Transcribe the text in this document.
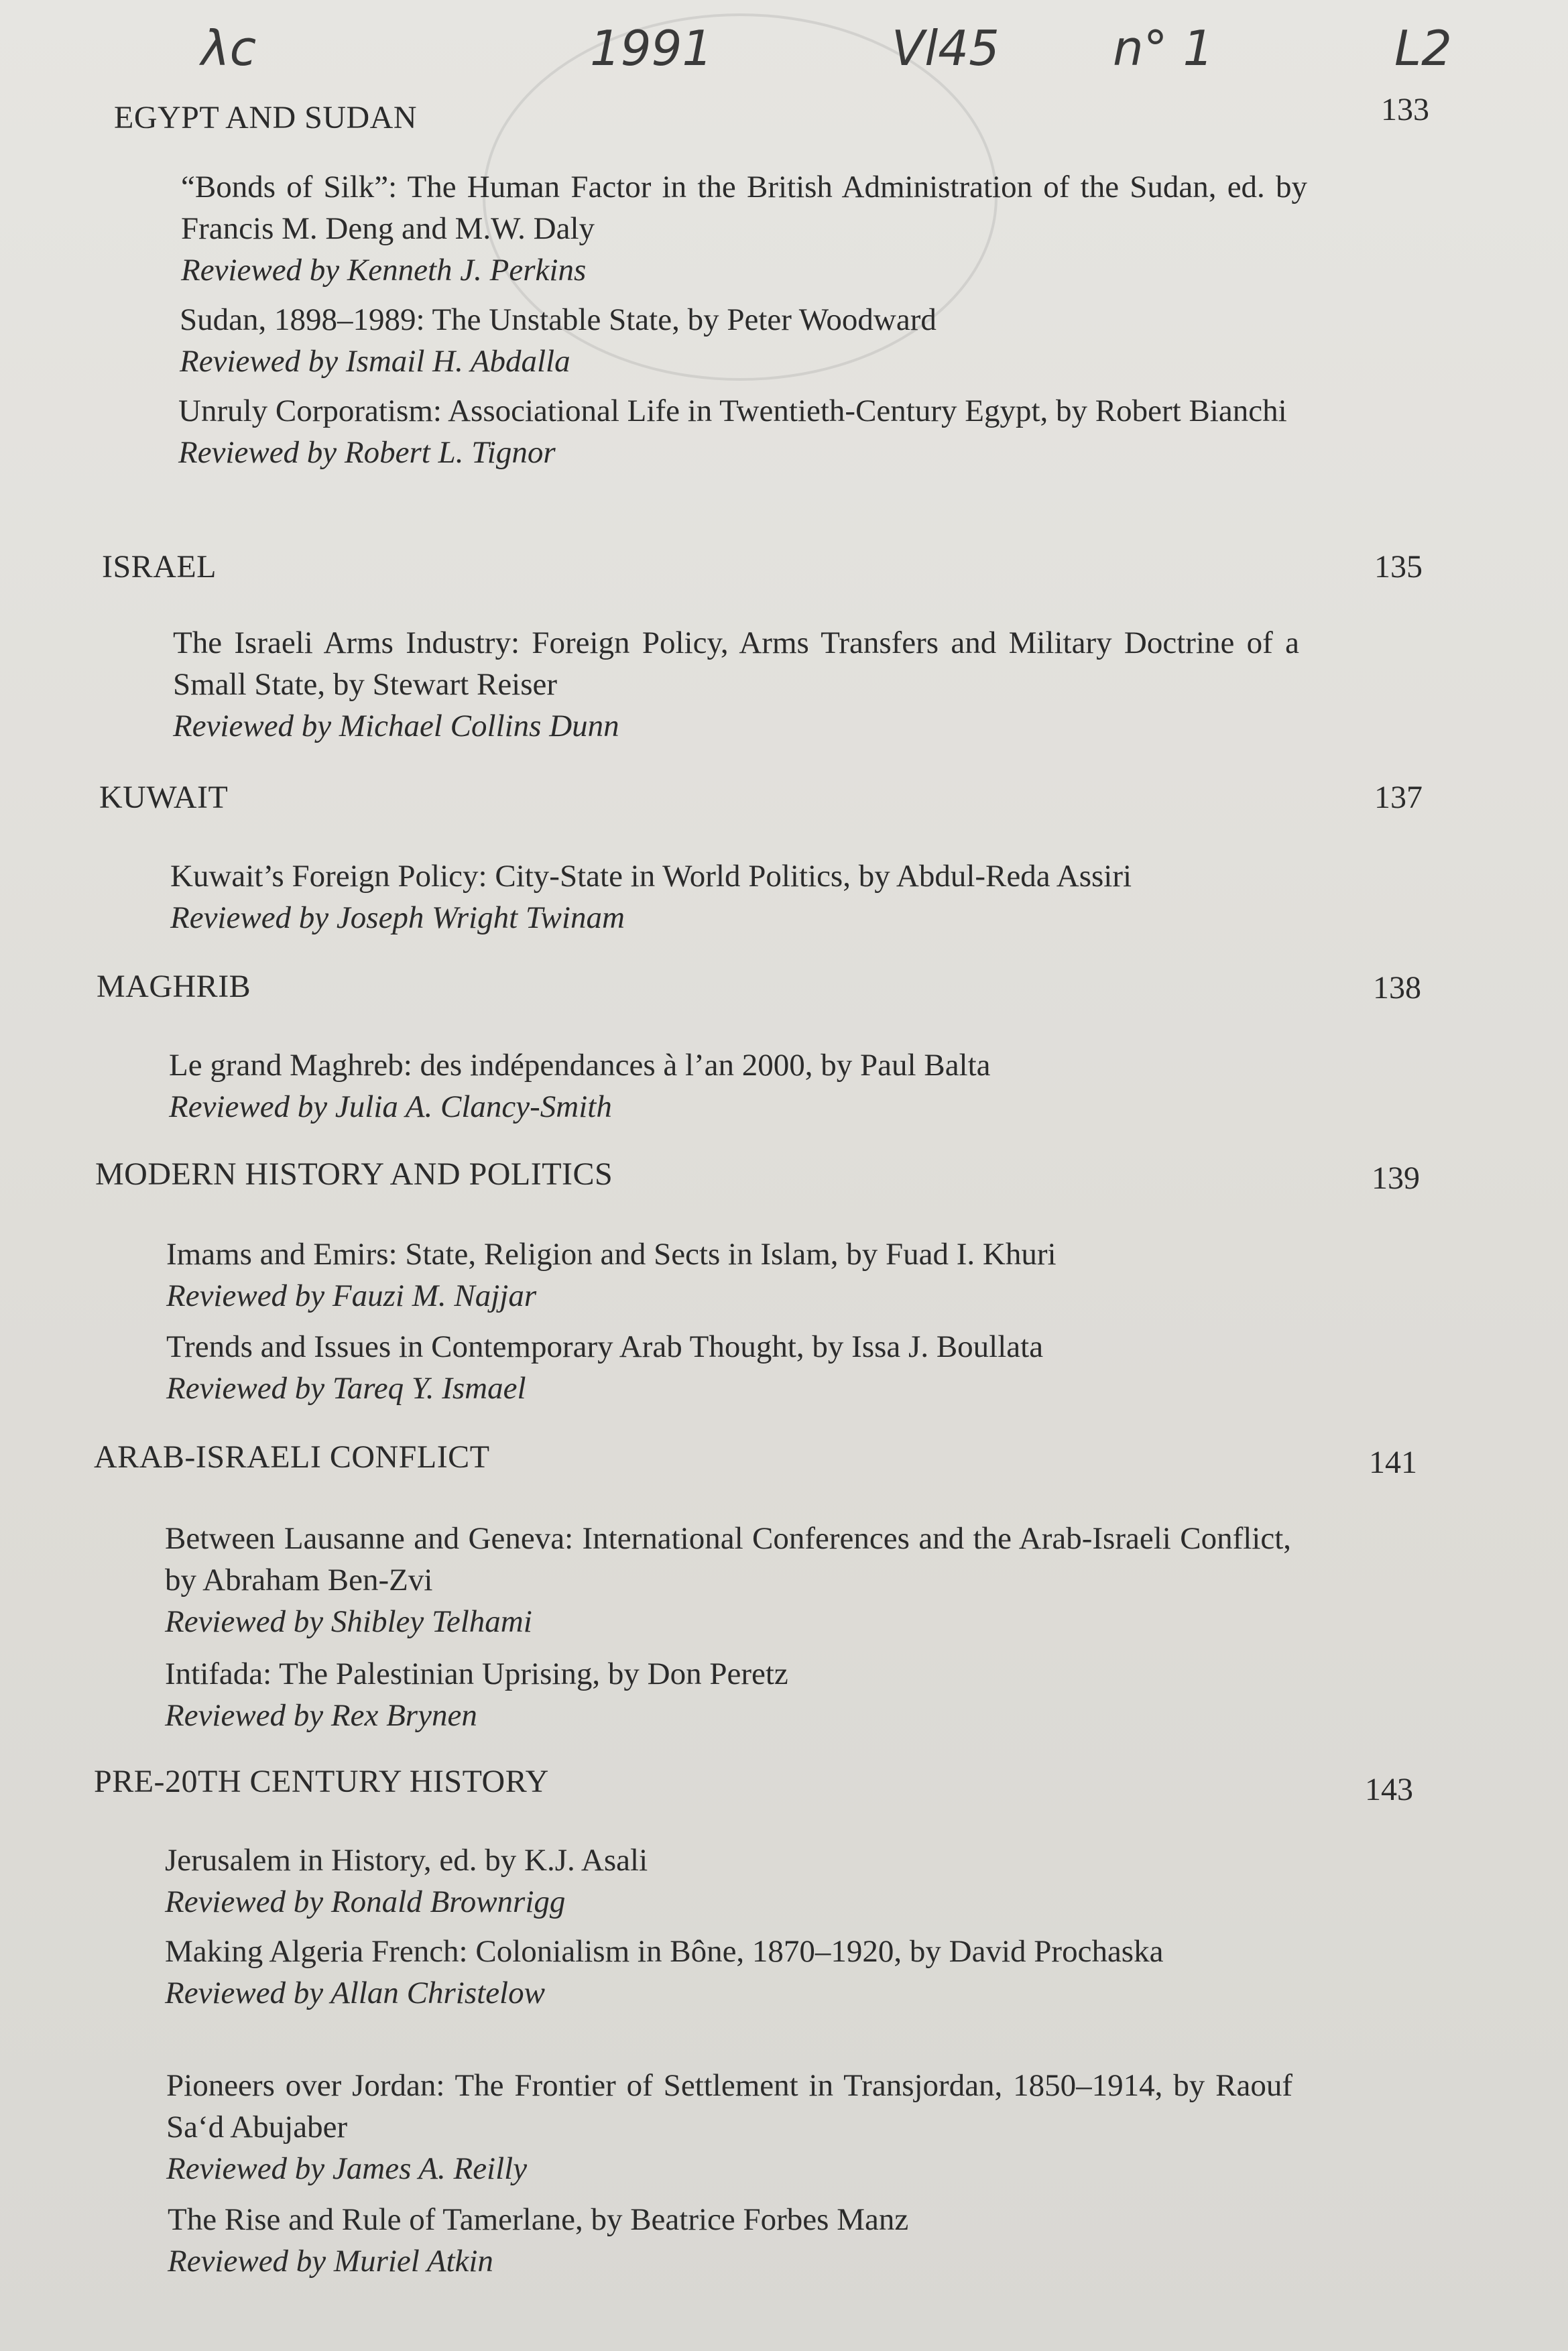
λc	1991	Vl45 n° 1	L2
EGYPT AND SUDAN	133
“Bonds of Silk”: The Human Factor in the British Administration of the Sudan, ed. by Francis M. Deng and M.W. Daly
Reviewed by Kenneth J. Perkins
Sudan, 1898–1989: The Unstable State, by Peter Woodward
Reviewed by Ismail H. Abdalla
Unruly Corporatism: Associational Life in Twentieth-Century Egypt, by Robert Bianchi
Reviewed by Robert L. Tignor
ISRAEL	135
The Israeli Arms Industry: Foreign Policy, Arms Transfers and Military Doctrine of a Small State, by Stewart Reiser
Reviewed by Michael Collins Dunn
KUWAIT	137
Kuwait’s Foreign Policy: City-State in World Politics, by Abdul-Reda Assiri
Reviewed by Joseph Wright Twinam
MAGHRIB	138
Le grand Maghreb: des indépendances à l’an 2000, by Paul Balta
Reviewed by Julia A. Clancy-Smith
MODERN HISTORY AND POLITICS	139
Imams and Emirs: State, Religion and Sects in Islam, by Fuad I. Khuri
Reviewed by Fauzi M. Najjar
Trends and Issues in Contemporary Arab Thought, by Issa J. Boullata
Reviewed by Tareq Y. Ismael
ARAB-ISRAELI CONFLICT	141
Between Lausanne and Geneva: International Conferences and the Arab-Israeli Conflict, by Abraham Ben-Zvi
Reviewed by Shibley Telhami
Intifada: The Palestinian Uprising, by Don Peretz
Reviewed by Rex Brynen
PRE-20TH CENTURY HISTORY	143
Jerusalem in History, ed. by K.J. Asali
Reviewed by Ronald Brownrigg
Making Algeria French: Colonialism in Bône, 1870–1920, by David Prochaska
Reviewed by Allan Christelow
Pioneers over Jordan: The Frontier of Settlement in Transjordan, 1850–1914, by Raouf Sa‘d Abujaber
Reviewed by James A. Reilly
The Rise and Rule of Tamerlane, by Beatrice Forbes Manz
Reviewed by Muriel Atkin
